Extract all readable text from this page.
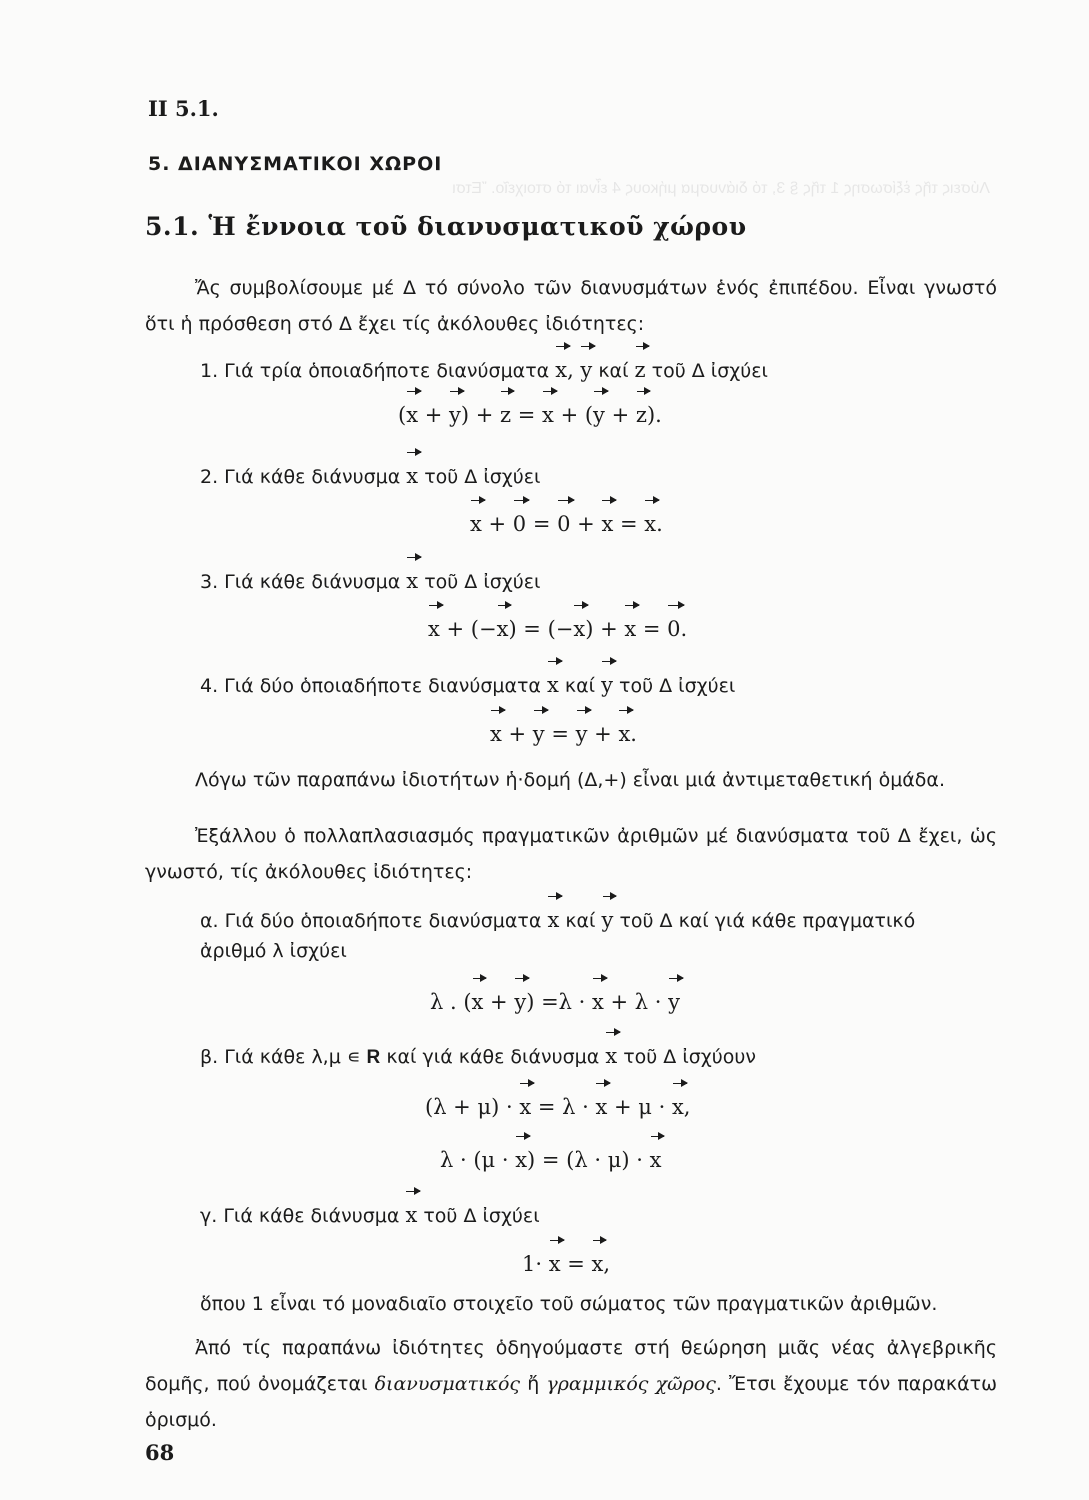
Λύσεις τῆς ἐξίσωσης 1 τῆς § 3, τό διάνυσμα μήκους 4 εἶναι τό στοιχεῖο. Ἔτσι
II 5.1.
5. ΔΙΑΝΥΣΜΑΤΙΚΟΙ ΧΩΡΟΙ
5.1. Ἡ ἔννοια τοῦ διανυσματικοῦ χώρου
Ἄς συμβολίσουμε μέ Δ τό σύνολο τῶν διανυσμάτων ἑνός ἐπιπέδου. Εἶναι γνωστό ὅτι ἡ πρόσθεση στό Δ ἔχει τίς ἀκόλουθες ἰδιότητες:
1. Γιά τρία ὁποιαδήποτε διανύσματα x, y καί z τοῦ Δ ἰσχύει
(x + y) + z = x + (y + z).
2. Γιά κάθε διάνυσμα x τοῦ Δ ἰσχύει
x + 0 = 0 + x = x.
3. Γιά κάθε διάνυσμα x τοῦ Δ ἰσχύει
x + (−x) = (−x) + x = 0.
4. Γιά δύο ὁποιαδήποτε διανύσματα x καί y τοῦ Δ ἰσχύει
x + y = y + x.
Λόγω τῶν παραπάνω ἰδιοτήτων ἡ·δομή (Δ,+) εἶναι μιά ἀντιμεταθετική ὁμάδα.
Ἐξάλλου ὁ πολλαπλασιασμός πραγματικῶν ἀριθμῶν μέ διανύσματα τοῦ Δ ἔχει, ὡς γνωστό, τίς ἀκόλουθες ἰδιότητες:
α. Γιά δύο ὁποιαδήποτε διανύσματα x καί y τοῦ Δ καί γιά κάθε πραγματικό
ἀριθμό λ ἰσχύει
λ . (x + y) =λ · x + λ · y
β. Γιά κάθε λ,μ ∊ R καί γιά κάθε διάνυσμα x τοῦ Δ ἰσχύουν
(λ + μ) · x = λ · x + μ · x,
λ · (μ · x) = (λ · μ) · x
γ. Γιά κάθε διάνυσμα x τοῦ Δ ἰσχύει
1· x = x,
ὅπου 1 εἶναι τό μοναδιαῖο στοιχεῖο τοῦ σώματος τῶν πραγματικῶν ἀριθμῶν.
Ἀπό τίς παραπάνω ἰδιότητες ὁδηγούμαστε στή θεώρηση μιᾶς νέας ἀλγεβρικῆς δομῆς, πού ὀνομάζεται διανυσματικός ἤ γραμμικός χῶρος. Ἔτσι ἔχουμε τόν παρακάτω ὁρισμό.
68
